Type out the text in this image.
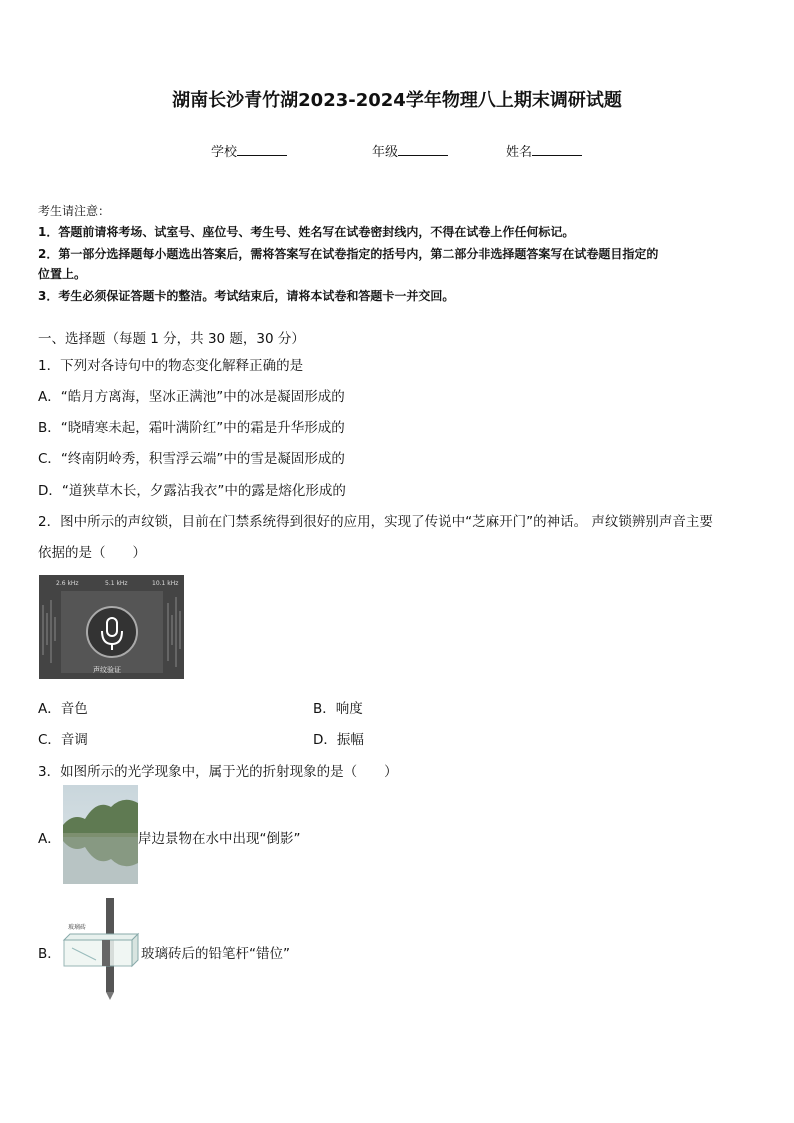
湖南长沙青竹湖2023-2024学年物理八上期末调研试题
学校	年级	姓名
考生请注意：
1．答题前请将考场、试室号、座位号、考生号、姓名写在试卷密封线内，不得在试卷上作任何标记。
2．第一部分选择题每小题选出答案后，需将答案写在试卷指定的括号内，第二部分非选择题答案写在试卷题目指定的
位置上。
3．考生必须保证答题卡的整洁。考试结束后，请将本试卷和答题卡一并交回。
一、选择题（每题 1 分，共 30 题，30 分）
1．下列对各诗句中的物态变化解释正确的是
A．“皓月方离海，坚冰正满池”中的冰是凝固形成的
B．“晓晴寒未起，霜叶满阶红”中的霜是升华形成的
C．“终南阴岭秀，积雪浮云端”中的雪是凝固形成的
D．“道狭草木长，夕露沾我衣”中的露是熔化形成的
2．图中所示的声纹锁，目前在门禁系统得到很好的应用，实现了传说中“芝麻开门”的神话。 声纹锁辨别声音主要
依据的是（　　）
2.6 kHz	5.1 kHz	10.1 kHz
声纹验证
A．音色	B．响度
C．音调	D．振幅
3．如图所示的光学现象中，属于光的折射现象的是（　　）
A．	岸边景物在水中出现“倒影”
B．
玻璃砖
玻璃砖后的铅笔杆“错位”
